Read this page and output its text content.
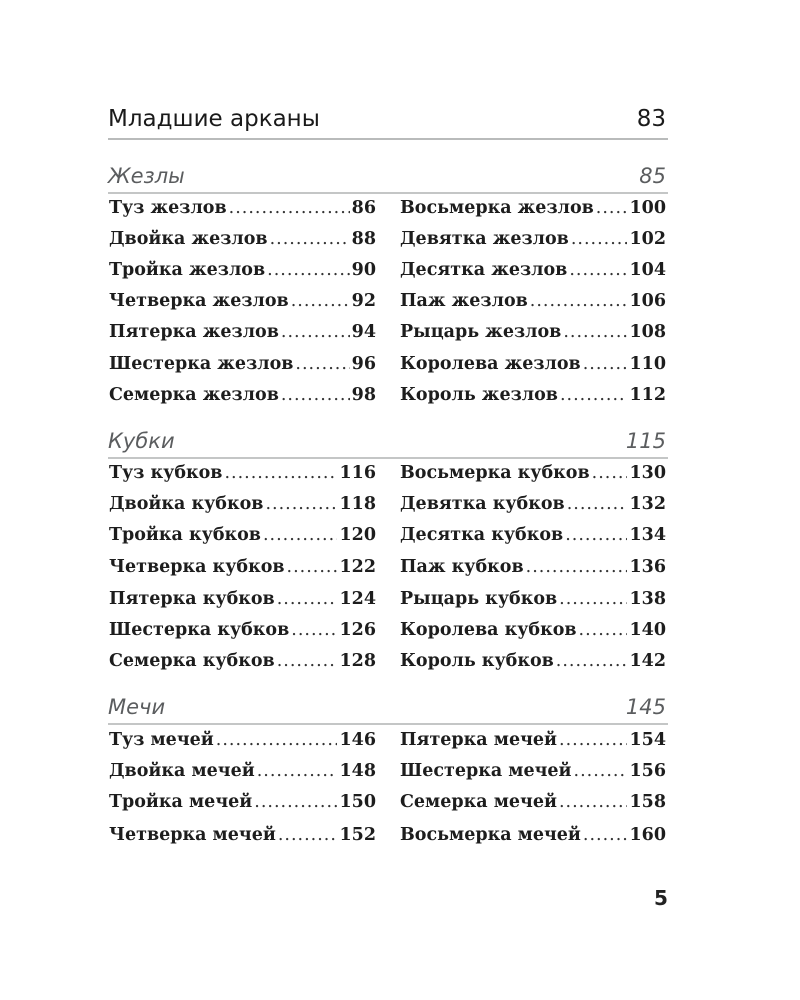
Младшие арканы	83
Жезлы	85
Туз жезлов .....	86
Двойка жезлов .....	88
Тройка жезлов .....	90
Четверка жезлов .....	92
Пятерка жезлов .....	94
Шестерка жезлов .....	96
Семерка жезлов .....	98
Восьмерка жезлов ..... 100
Девятка жезлов .....	102
Десятка жезлов .....	104
Паж жезлов .....	106
Рыцарь жезлов .....	108
Королева жезлов .....	110
Король жезлов .....	112
Кубки	115
Туз кубков .....	116
Двойка кубков .....	118
Тройка кубков .....	120
Четверка кубков .....	122
Пятерка кубков .....	124
Шестерка кубков .....	126
Семерка кубков .....	128
Восьмерка кубков ..... 130
Девятка кубков .....	132
Десятка кубков .....	134
Паж кубков .....	136
Рыцарь кубков .....	138
Королева кубков .....	140
Король кубков .....	142
Мечи	145
Туз мечей .....	146
Двойка мечей .....	148
Тройка мечей .....	150
Четверка мечей .....	152
Пятерка мечей .....	154
Шестерка мечей .....	156
Семерка мечей .....	158
Восьмерка мечей .....	160
5
